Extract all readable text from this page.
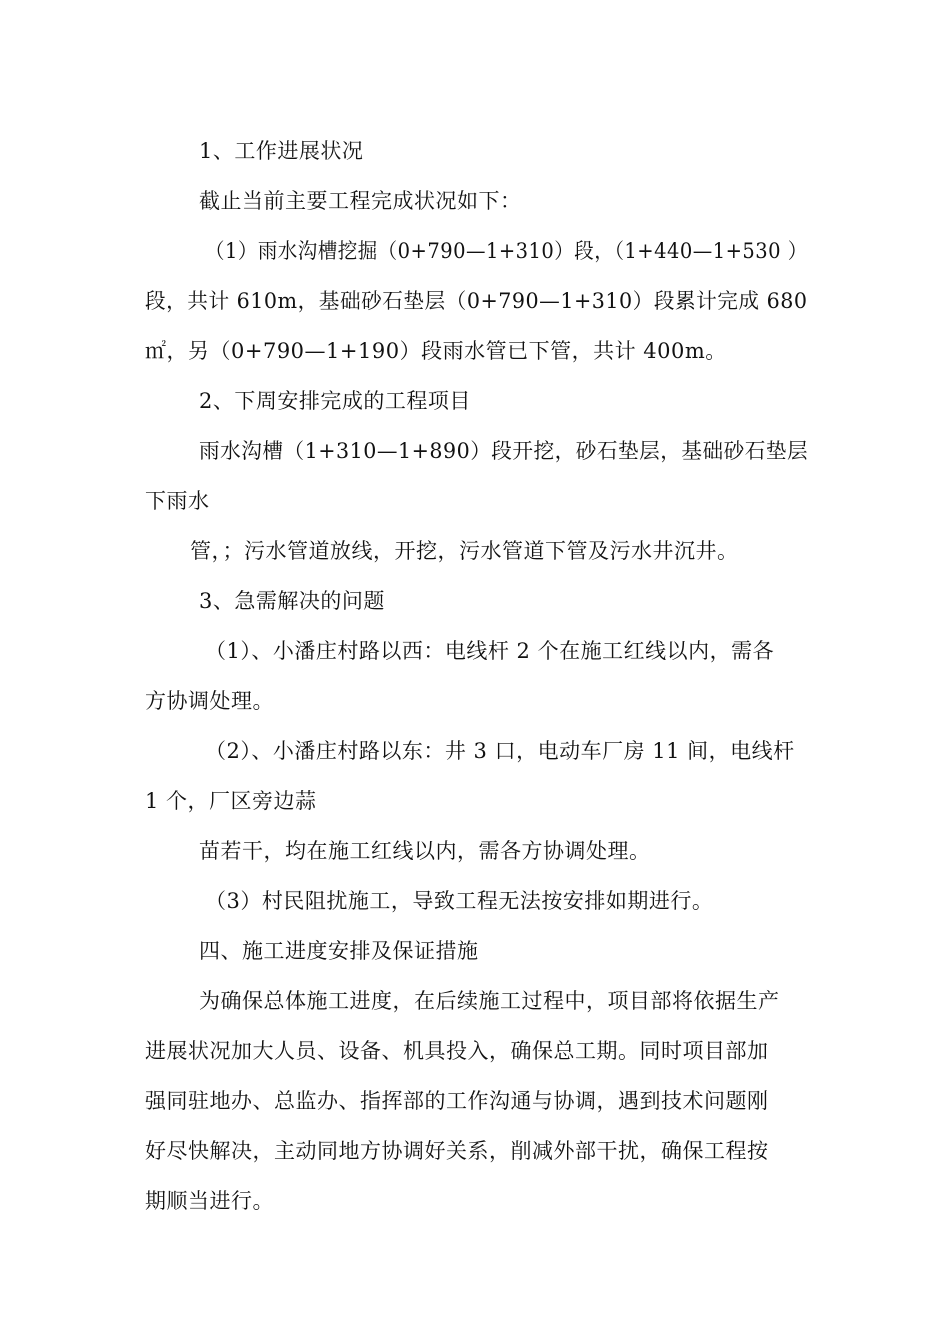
1、工作进展状况
截止当前主要工程完成状况如下：
（1）雨水沟槽挖掘（0+790—1+310）段，（1+440—1+530 ）
段，共计 610m，基础砂石垫层（0+790—1+310）段累计完成 680
㎡，另（0+790—1+190）段雨水管已下管，共计 400m。
2、下周安排完成的工程项目
雨水沟槽（1+310—1+890）段开挖，砂石垫层，基础砂石垫层
下雨水
管，；污水管道放线，开挖，污水管道下管及污水井沉井。
3、急需解决的问题
（1）、小潘庄村路以西：电线杆 2 个在施工红线以内，需各
方协调处理。
（2）、小潘庄村路以东：井 3 口，电动车厂房 11 间，电线杆
1 个，厂区旁边蒜
苗若干，均在施工红线以内，需各方协调处理。
（3）村民阻扰施工，导致工程无法按安排如期进行。
四、施工进度安排及保证措施
为确保总体施工进度，在后续施工过程中，项目部将依据生产
进展状况加大人员、设备、机具投入，确保总工期。同时项目部加
强同驻地办、总监办、指挥部的工作沟通与协调，遇到技术问题刚
好尽快解决，主动同地方协调好关系，削减外部干扰，确保工程按
期顺当进行。
